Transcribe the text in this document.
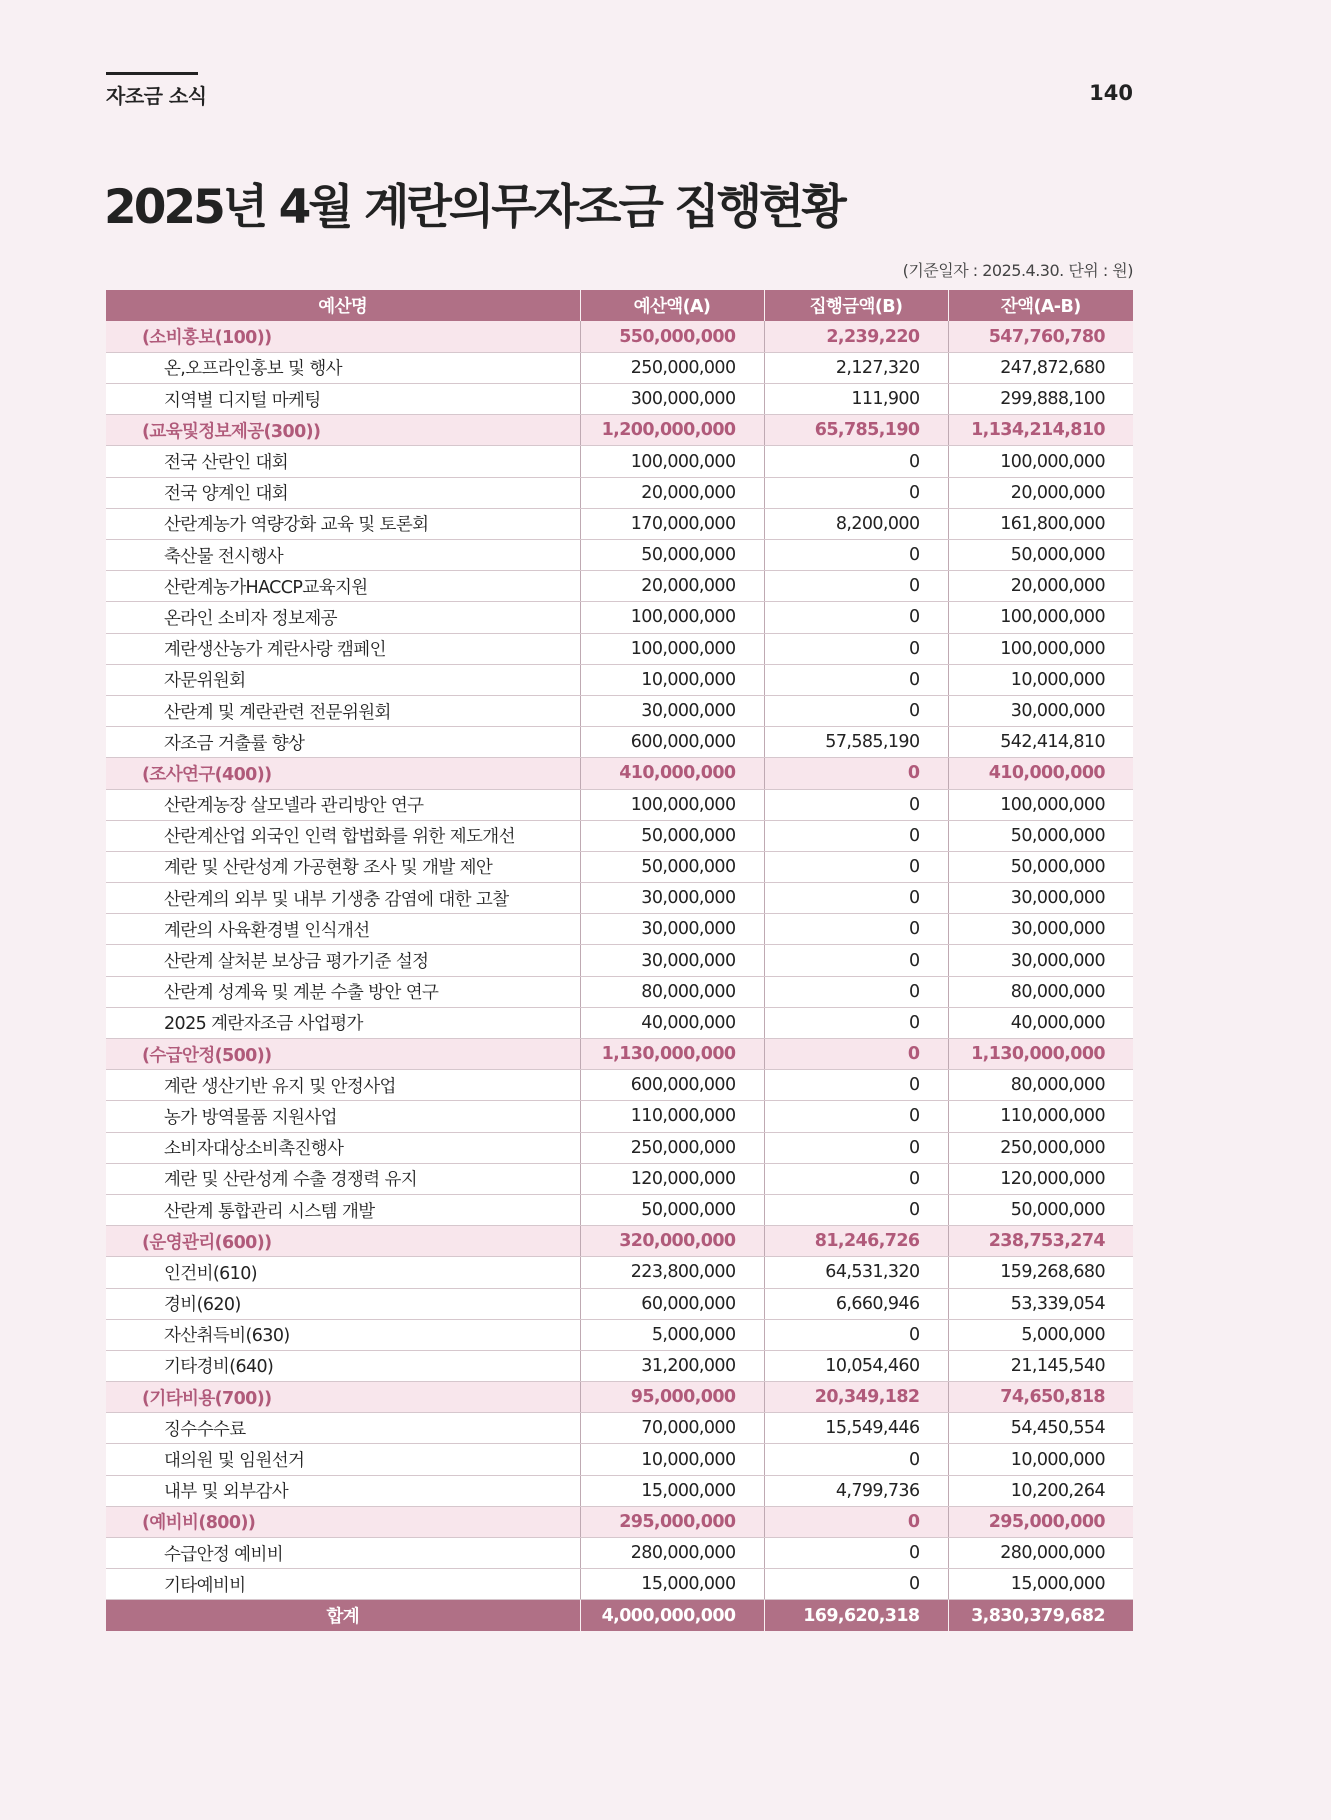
자조금 소식	140
2025년 4월 계란의무자조금 집행현황
(기준일자 : 2025.4.30. 단위 : 원)
예산명	예산액(A)	집행금액(B)	잔액(A-B)
(소비홍보(100))	550,000,000	2,239,220	547,760,780
온,오프라인홍보 및 행사	250,000,000	2,127,320	247,872,680
지역별 디지털 마케팅	300,000,000	111,900	299,888,100
(교육및정보제공(300))	1,200,000,000	65,785,190	1,134,214,810
전국 산란인 대회	100,000,000	0	100,000,000
전국 양계인 대회	20,000,000	0	20,000,000
산란계농가 역량강화 교육 및 토론회	170,000,000	8,200,000	161,800,000
축산물 전시행사	50,000,000	0	50,000,000
산란계농가HACCP교육지원	20,000,000	0	20,000,000
온라인 소비자 정보제공	100,000,000	0	100,000,000
계란생산농가 계란사랑 캠페인	100,000,000	0	100,000,000
자문위원회	10,000,000	0	10,000,000
산란계 및 계란관련 전문위원회	30,000,000	0	30,000,000
자조금 거출률 향상	600,000,000	57,585,190	542,414,810
(조사연구(400))	410,000,000	0	410,000,000
산란계농장 살모넬라 관리방안 연구	100,000,000	0	100,000,000
산란계산업 외국인 인력 합법화를 위한 제도개선	50,000,000	0	50,000,000
계란 및 산란성계 가공현황 조사 및 개발 제안	50,000,000	0	50,000,000
산란계의 외부 및 내부 기생충 감염에 대한 고찰	30,000,000	0	30,000,000
계란의 사육환경별 인식개선	30,000,000	0	30,000,000
산란계 살처분 보상금 평가기준 설정	30,000,000	0	30,000,000
산란계 성계육 및 계분 수출 방안 연구	80,000,000	0	80,000,000
2025 계란자조금 사업평가	40,000,000	0	40,000,000
(수급안정(500))	1,130,000,000	0	1,130,000,000
계란 생산기반 유지 및 안정사업	600,000,000	0	80,000,000
농가 방역물품 지원사업	110,000,000	0	110,000,000
소비자대상소비촉진행사	250,000,000	0	250,000,000
계란 및 산란성계 수출 경쟁력 유지	120,000,000	0	120,000,000
산란계 통합관리 시스템 개발	50,000,000	0	50,000,000
(운영관리(600))	320,000,000	81,246,726	238,753,274
인건비(610)	223,800,000	64,531,320	159,268,680
경비(620)	60,000,000	6,660,946	53,339,054
자산취득비(630)	5,000,000	0	5,000,000
기타경비(640)	31,200,000	10,054,460	21,145,540
(기타비용(700))	95,000,000	20,349,182	74,650,818
징수수수료	70,000,000	15,549,446	54,450,554
대의원 및 임원선거	10,000,000	0	10,000,000
내부 및 외부감사	15,000,000	4,799,736	10,200,264
(예비비(800))	295,000,000	0	295,000,000
수급안정 예비비	280,000,000	0	280,000,000
기타예비비	15,000,000	0	15,000,000
합계	4,000,000,000	169,620,318	3,830,379,682
